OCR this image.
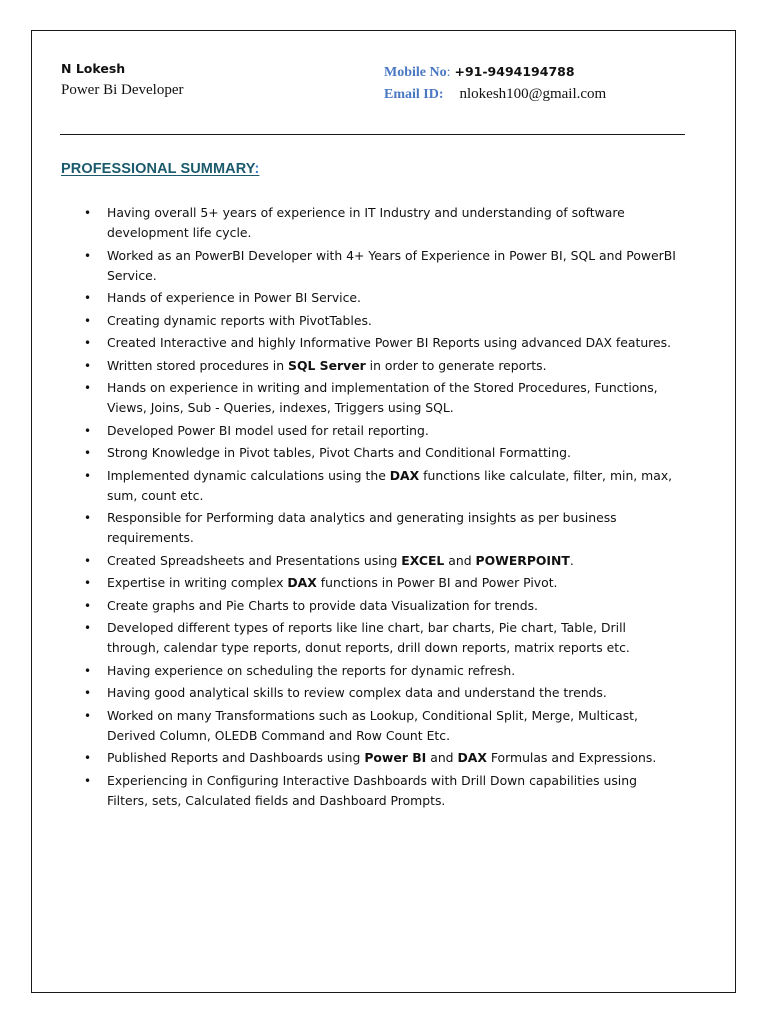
N Lokesh
Power Bi Developer
Mobile No: +91-9494194788
Email ID: nlokesh100@gmail.com
PROFESSIONAL SUMMARY:
• Having overall 5+ years of experience in IT Industry and understanding of software development life cycle.
• Worked as an PowerBI Developer with 4+ Years of Experience in Power BI, SQL and PowerBI Service.
• Hands of experience in Power BI Service.
• Creating dynamic reports with PivotTables.
• Created Interactive and highly Informative Power BI Reports using advanced DAX features.
• Written stored procedures in SQL Server in order to generate reports.
• Hands on experience in writing and implementation of the Stored Procedures, Functions, Views, Joins, Sub - Queries, indexes, Triggers using SQL.
• Developed Power BI model used for retail reporting.
• Strong Knowledge in Pivot tables, Pivot Charts and Conditional Formatting.
• Implemented dynamic calculations using the DAX functions like calculate, filter, min, max, sum, count etc.
• Responsible for Performing data analytics and generating insights as per business requirements.
• Created Spreadsheets and Presentations using EXCEL and POWERPOINT.
• Expertise in writing complex DAX functions in Power BI and Power Pivot.
• Create graphs and Pie Charts to provide data Visualization for trends.
• Developed different types of reports like line chart, bar charts, Pie chart, Table, Drill through, calendar type reports, donut reports, drill down reports, matrix reports etc.
• Having experience on scheduling the reports for dynamic refresh.
• Having good analytical skills to review complex data and understand the trends.
• Worked on many Transformations such as Lookup, Conditional Split, Merge, Multicast, Derived Column, OLEDB Command and Row Count Etc.
• Published Reports and Dashboards using Power BI and DAX Formulas and Expressions.
• Experiencing in Configuring Interactive Dashboards with Drill Down capabilities using Filters, sets, Calculated fields and Dashboard Prompts.
